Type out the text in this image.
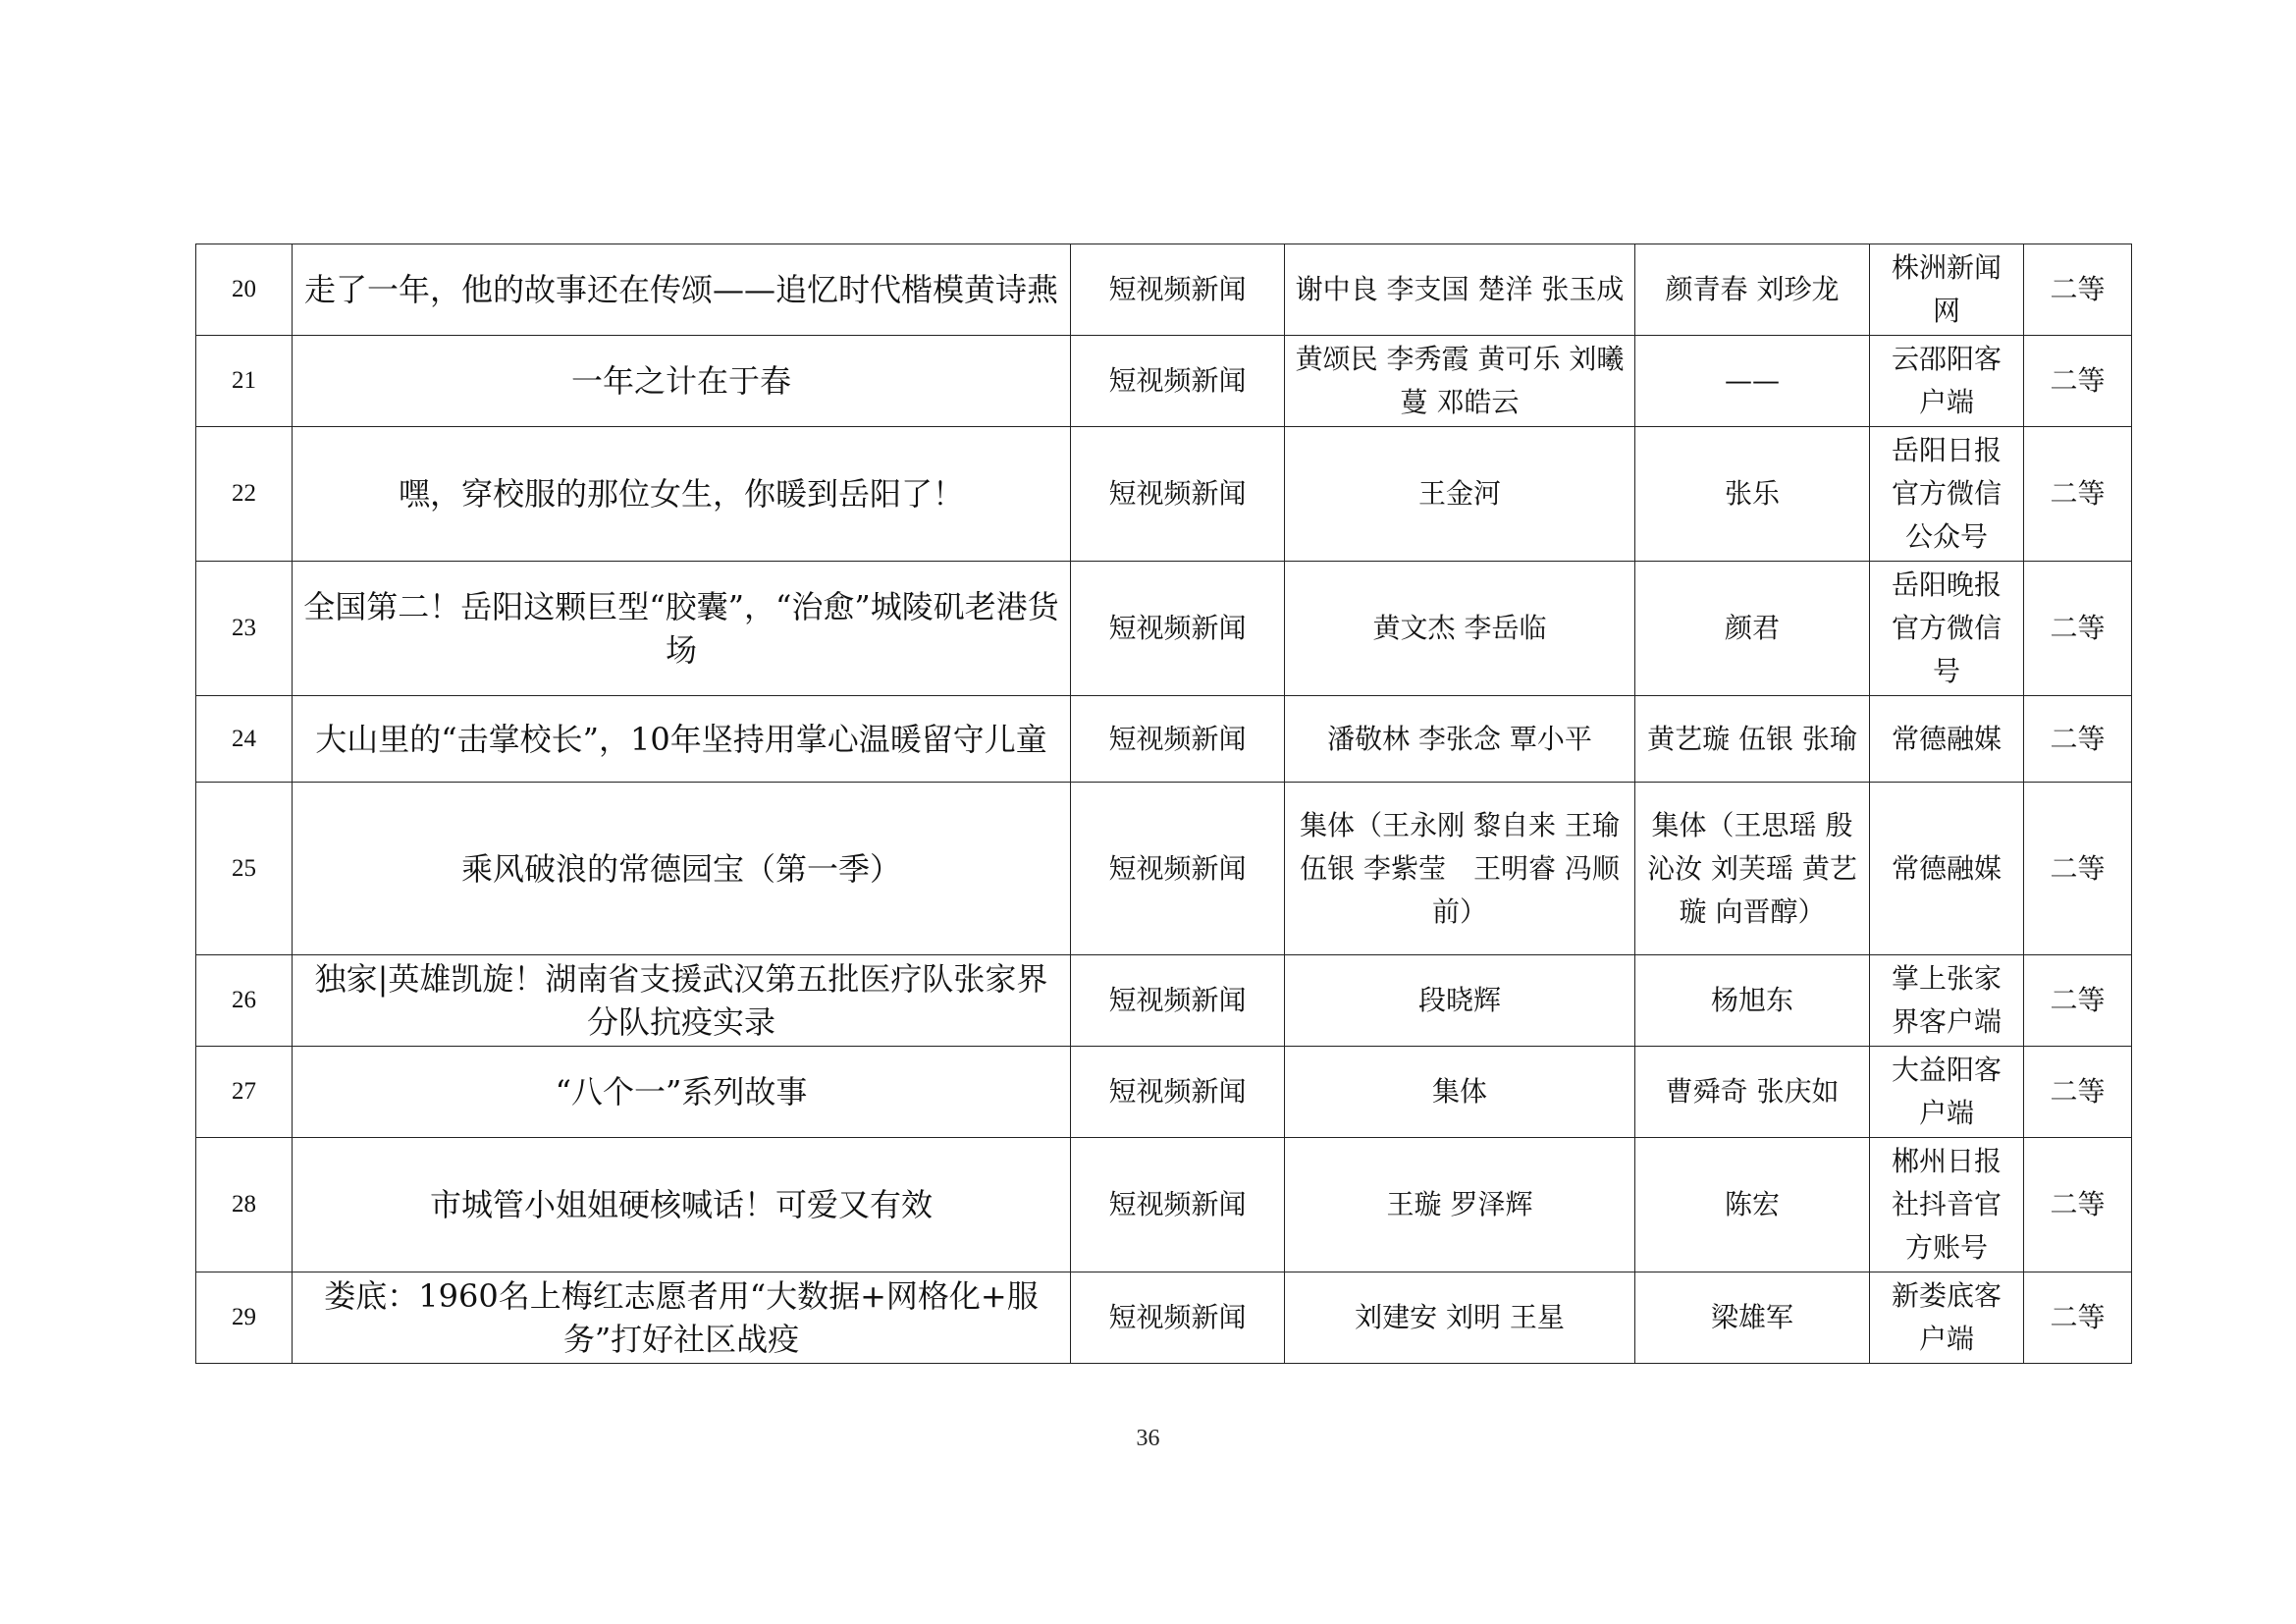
20	走了一年，他的故事还在传颂——追忆时代楷模黄诗燕	短视频新闻	谢中良 李支国 楚洋 张玉成	颜青春 刘珍龙	株洲新闻网	二等
21	一年之计在于春	短视频新闻	黄颂民 李秀霞 黄可乐 刘曦蔓 邓皓云	——	云邵阳客户端	二等
22	嘿，穿校服的那位女生，你暖到岳阳了！	短视频新闻	王金河	张乐	岳阳日报官方微信公众号	二等
23	全国第二！岳阳这颗巨型“胶囊”，“治愈”城陵矶老港货场	短视频新闻	黄文杰 李岳临	颜君	岳阳晚报官方微信号	二等
24	大山里的“击掌校长”，10年坚持用掌心温暖留守儿童	短视频新闻	潘敬林 李张念 覃小平	黄艺璇 伍银 张瑜	常德融媒	二等
25	乘风破浪的常德园宝（第一季）	短视频新闻	集体（王永刚 黎自来 王瑜 伍银 李紫莹　王明睿 冯顺前）	集体（王思瑶 殷沁汝 刘芙瑶 黄艺璇 向晋醇）	常德融媒	二等
26	独家|英雄凯旋！湖南省支援武汉第五批医疗队张家界分队抗疫实录	短视频新闻	段晓辉	杨旭东	掌上张家界客户端	二等
27	“八个一”系列故事	短视频新闻	集体	曹舜奇 张庆如	大益阳客户端	二等
28	市城管小姐姐硬核喊话！可爱又有效	短视频新闻	王璇 罗泽辉	陈宏	郴州日报社抖音官方账号	二等
29	娄底：1960名上梅红志愿者用“大数据+网格化+服务”打好社区战疫	短视频新闻	刘建安 刘明 王星	梁雄军	新娄底客户端	二等
36
